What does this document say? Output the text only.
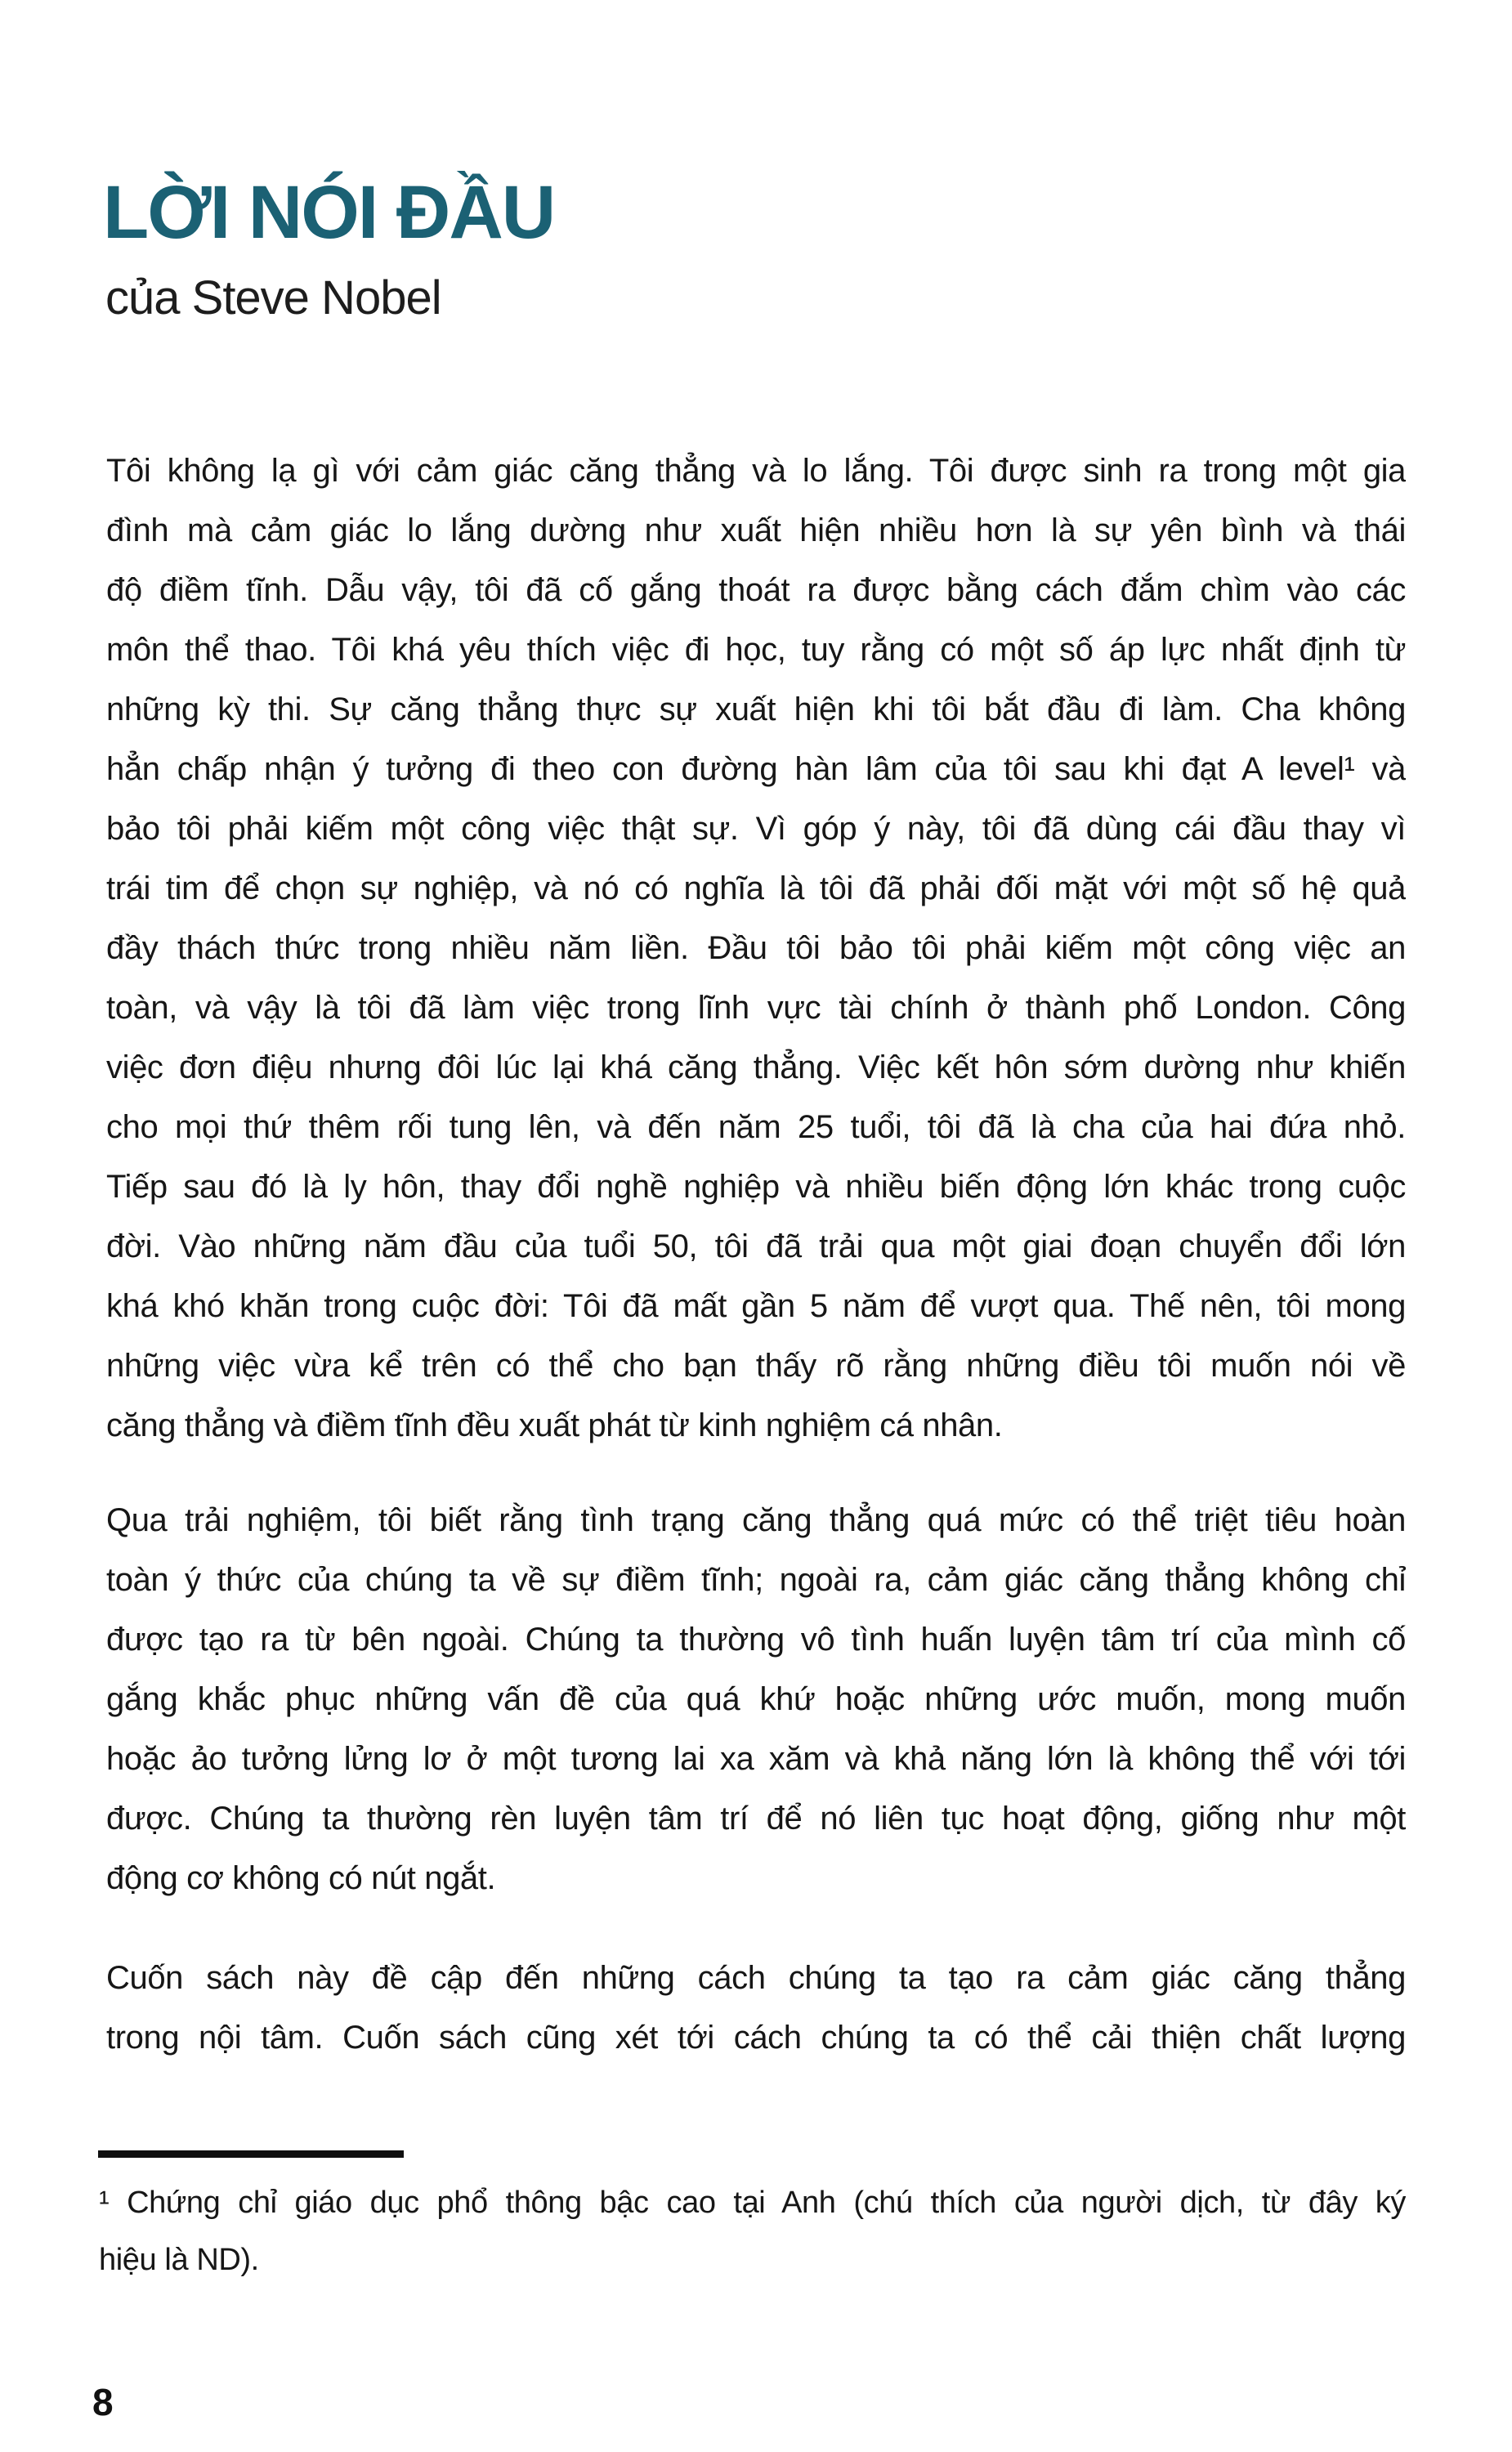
LỜI NÓI ĐẦU
của Steve Nobel
Tôi không lạ gì với cảm giác căng thẳng và lo lắng. Tôi được sinh ra trong một gia
đình mà cảm giác lo lắng dường như xuất hiện nhiều hơn là sự yên bình và thái
độ điềm tĩnh. Dẫu vậy, tôi đã cố gắng thoát ra được bằng cách đắm chìm vào các
môn thể thao. Tôi khá yêu thích việc đi học, tuy rằng có một số áp lực nhất định từ
những kỳ thi. Sự căng thẳng thực sự xuất hiện khi tôi bắt đầu đi làm. Cha không
hẳn chấp nhận ý tưởng đi theo con đường hàn lâm của tôi sau khi đạt A level¹ và
bảo tôi phải kiếm một công việc thật sự. Vì góp ý này, tôi đã dùng cái đầu thay vì
trái tim để chọn sự nghiệp, và nó có nghĩa là tôi đã phải đối mặt với một số hệ quả
đầy thách thức trong nhiều năm liền. Đầu tôi bảo tôi phải kiếm một công việc an
toàn, và vậy là tôi đã làm việc trong lĩnh vực tài chính ở thành phố London. Công
việc đơn điệu nhưng đôi lúc lại khá căng thẳng. Việc kết hôn sớm dường như khiến
cho mọi thứ thêm rối tung lên, và đến năm 25 tuổi, tôi đã là cha của hai đứa nhỏ.
Tiếp sau đó là ly hôn, thay đổi nghề nghiệp và nhiều biến động lớn khác trong cuộc
đời. Vào những năm đầu của tuổi 50, tôi đã trải qua một giai đoạn chuyển đổi lớn
khá khó khăn trong cuộc đời: Tôi đã mất gần 5 năm để vượt qua. Thế nên, tôi mong
những việc vừa kể trên có thể cho bạn thấy rõ rằng những điều tôi muốn nói về
căng thẳng và điềm tĩnh đều xuất phát từ kinh nghiệm cá nhân.
Qua trải nghiệm, tôi biết rằng tình trạng căng thẳng quá mức có thể triệt tiêu hoàn
toàn ý thức của chúng ta về sự điềm tĩnh; ngoài ra, cảm giác căng thẳng không chỉ
được tạo ra từ bên ngoài. Chúng ta thường vô tình huấn luyện tâm trí của mình cố
gắng khắc phục những vấn đề của quá khứ hoặc những ước muốn, mong muốn
hoặc ảo tưởng lửng lơ ở một tương lai xa xăm và khả năng lớn là không thể với tới
được. Chúng ta thường rèn luyện tâm trí để nó liên tục hoạt động, giống như một
động cơ không có nút ngắt.
Cuốn sách này đề cập đến những cách chúng ta tạo ra cảm giác căng thẳng
trong nội tâm. Cuốn sách cũng xét tới cách chúng ta có thể cải thiện chất lượng
¹ Chứng chỉ giáo dục phổ thông bậc cao tại Anh (chú thích của người dịch, từ đây ký
hiệu là ND).
8
